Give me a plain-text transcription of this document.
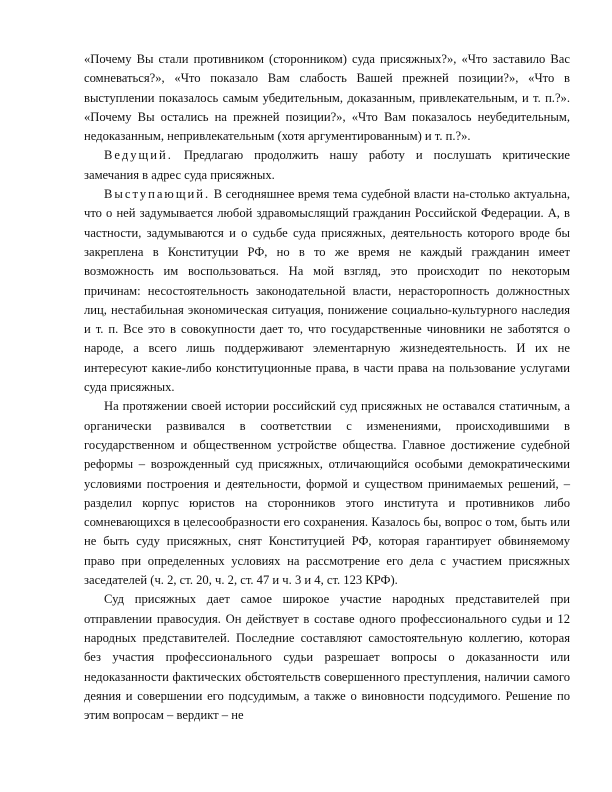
«Почему Вы стали противником (сторонником) суда присяжных?», «Что заставило Вас сомневаться?», «Что показало Вам слабость Вашей прежней позиции?», «Что в выступлении показалось самым убедительным, доказанным, привлекательным, и т. п.?». «Почему Вы остались на прежней позиции?», «Что Вам показалось неубедительным, недоказанным, непривлекательным (хотя аргументированным) и т. п.?».

Ведущий. Предлагаю продолжить нашу работу и послушать критические замечания в адрес суда присяжных.

Выступающий. В сегодняшнее время тема судебной власти на-столько актуальна, что о ней задумывается любой здравомыслящий гражданин Российской Федерации. А, в частности, задумываются и о судьбе суда присяжных, деятельность которого вроде бы закреплена в Конституции РФ, но в то же время не каждый гражданин имеет возможность им воспользоваться. На мой взгляд, это происходит по некоторым причинам: несостоятельность законодательной власти, нерасторопность должностных лиц, нестабильная экономическая ситуация, понижение социально-культурного наследия и т. п. Все это в совокупности дает то, что государственные чиновники не заботятся о народе, а всего лишь поддерживают элементарную жизнедеятельность. И их не интересуют какие-либо конституционные права, в части права на пользование услугами суда присяжных.

На протяжении своей истории российский суд присяжных не оставался статичным, а органически развивался в соответствии с изменениями, происходившими в государственном и общественном устройстве общества. Главное достижение судебной реформы – возрожденный суд присяжных, отличающийся особыми демократическими условиями построения и деятельности, формой и существом принимаемых решений, – разделил корпус юристов на сторонников этого института и противников либо сомневающихся в целесообразности его сохранения. Казалось бы, вопрос о том, быть или не быть суду присяжных, снят Конституцией РФ, которая гарантирует обвиняемому право при определенных условиях на рассмотрение его дела с участием присяжных заседателей (ч. 2, ст. 20, ч. 2, ст. 47 и ч. 3 и 4, ст. 123 КРФ).

Суд присяжных дает самое широкое участие народных представителей при отправлении правосудия. Он действует в составе одного профессионального судьи и 12 народных представителей. Последние составляют самостоятельную коллегию, которая без участия профессионального судьи разрешает вопросы о доказанности или недоказанности фактических обстоятельств совершенного преступления, наличии самого деяния и совершении его подсудимым, а также о виновности подсудимого. Решение по этим вопросам – вердикт – не
